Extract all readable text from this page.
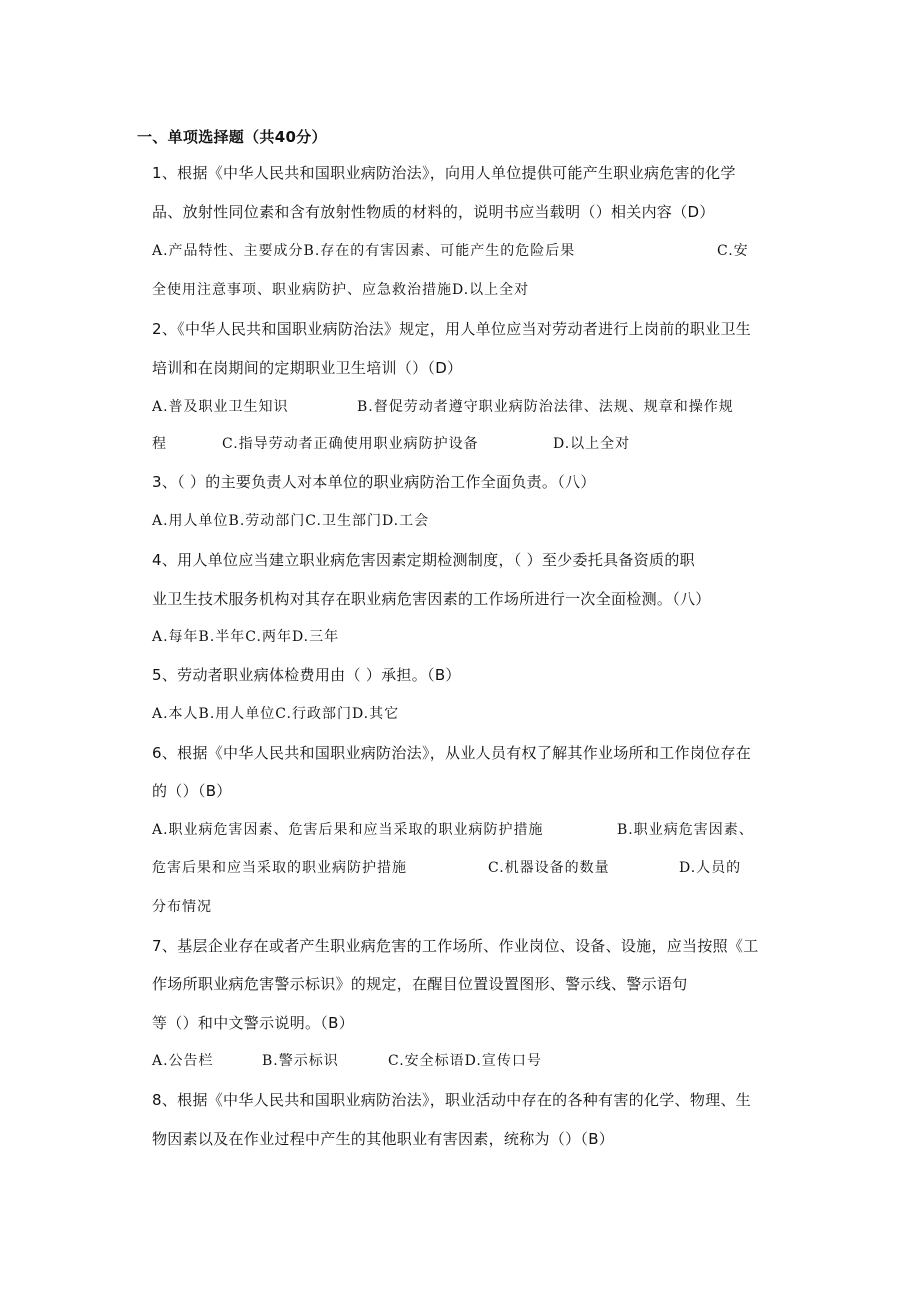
一、单项选择题（共40分）
1、根据《中华人民共和国职业病防治法》，向用人单位提供可能产生职业病危害的化学
品、放射性同位素和含有放射性物质的材料的，说明书应当载明（）相关内容（D）
A.产品特性、主要成分B.存在的有害因素、可能产生的危险后果	C.安
全使用注意事项、职业病防护、应急救治措施D.以上全对
2、《中华人民共和国职业病防治法》规定，用人单位应当对劳动者进行上岗前的职业卫生
培训和在岗期间的定期职业卫生培训（）（D）
A.普及职业卫生知识	B.督促劳动者遵守职业病防治法律、法规、规章和操作规
程	C.指导劳动者正确使用职业病防护设备	D.以上全对
3、（ ）的主要负责人对本单位的职业病防治工作全面负责。（八）
A.用人单位B.劳动部门C.卫生部门D.工会
4、用人单位应当建立职业病危害因素定期检测制度，（ ）至少委托具备资质的职
业卫生技术服务机构对其存在职业病危害因素的工作场所进行一次全面检测。（八）
A.每年B.半年C.两年D.三年
5、劳动者职业病体检费用由（ ）承担。（B）
A.本人B.用人单位C.行政部门D.其它
6、根据《中华人民共和国职业病防治法》，从业人员有权了解其作业场所和工作岗位存在
的（）（B）
A.职业病危害因素、危害后果和应当采取的职业病防护措施	B.职业病危害因素、
危害后果和应当采取的职业病防护措施	C.机器设备的数量	D.人员的
分布情况
7、基层企业存在或者产生职业病危害的工作场所、作业岗位、设备、设施，应当按照《工
作场所职业病危害警示标识》的规定，在醒目位置设置图形、警示线、警示语句
等（）和中文警示说明。（B）
A.公告栏	B.警示标识	C.安全标语D.宣传口号
8、根据《中华人民共和国职业病防治法》，职业活动中存在的各种有害的化学、物理、生
物因素以及在作业过程中产生的其他职业有害因素，统称为（）（B）
